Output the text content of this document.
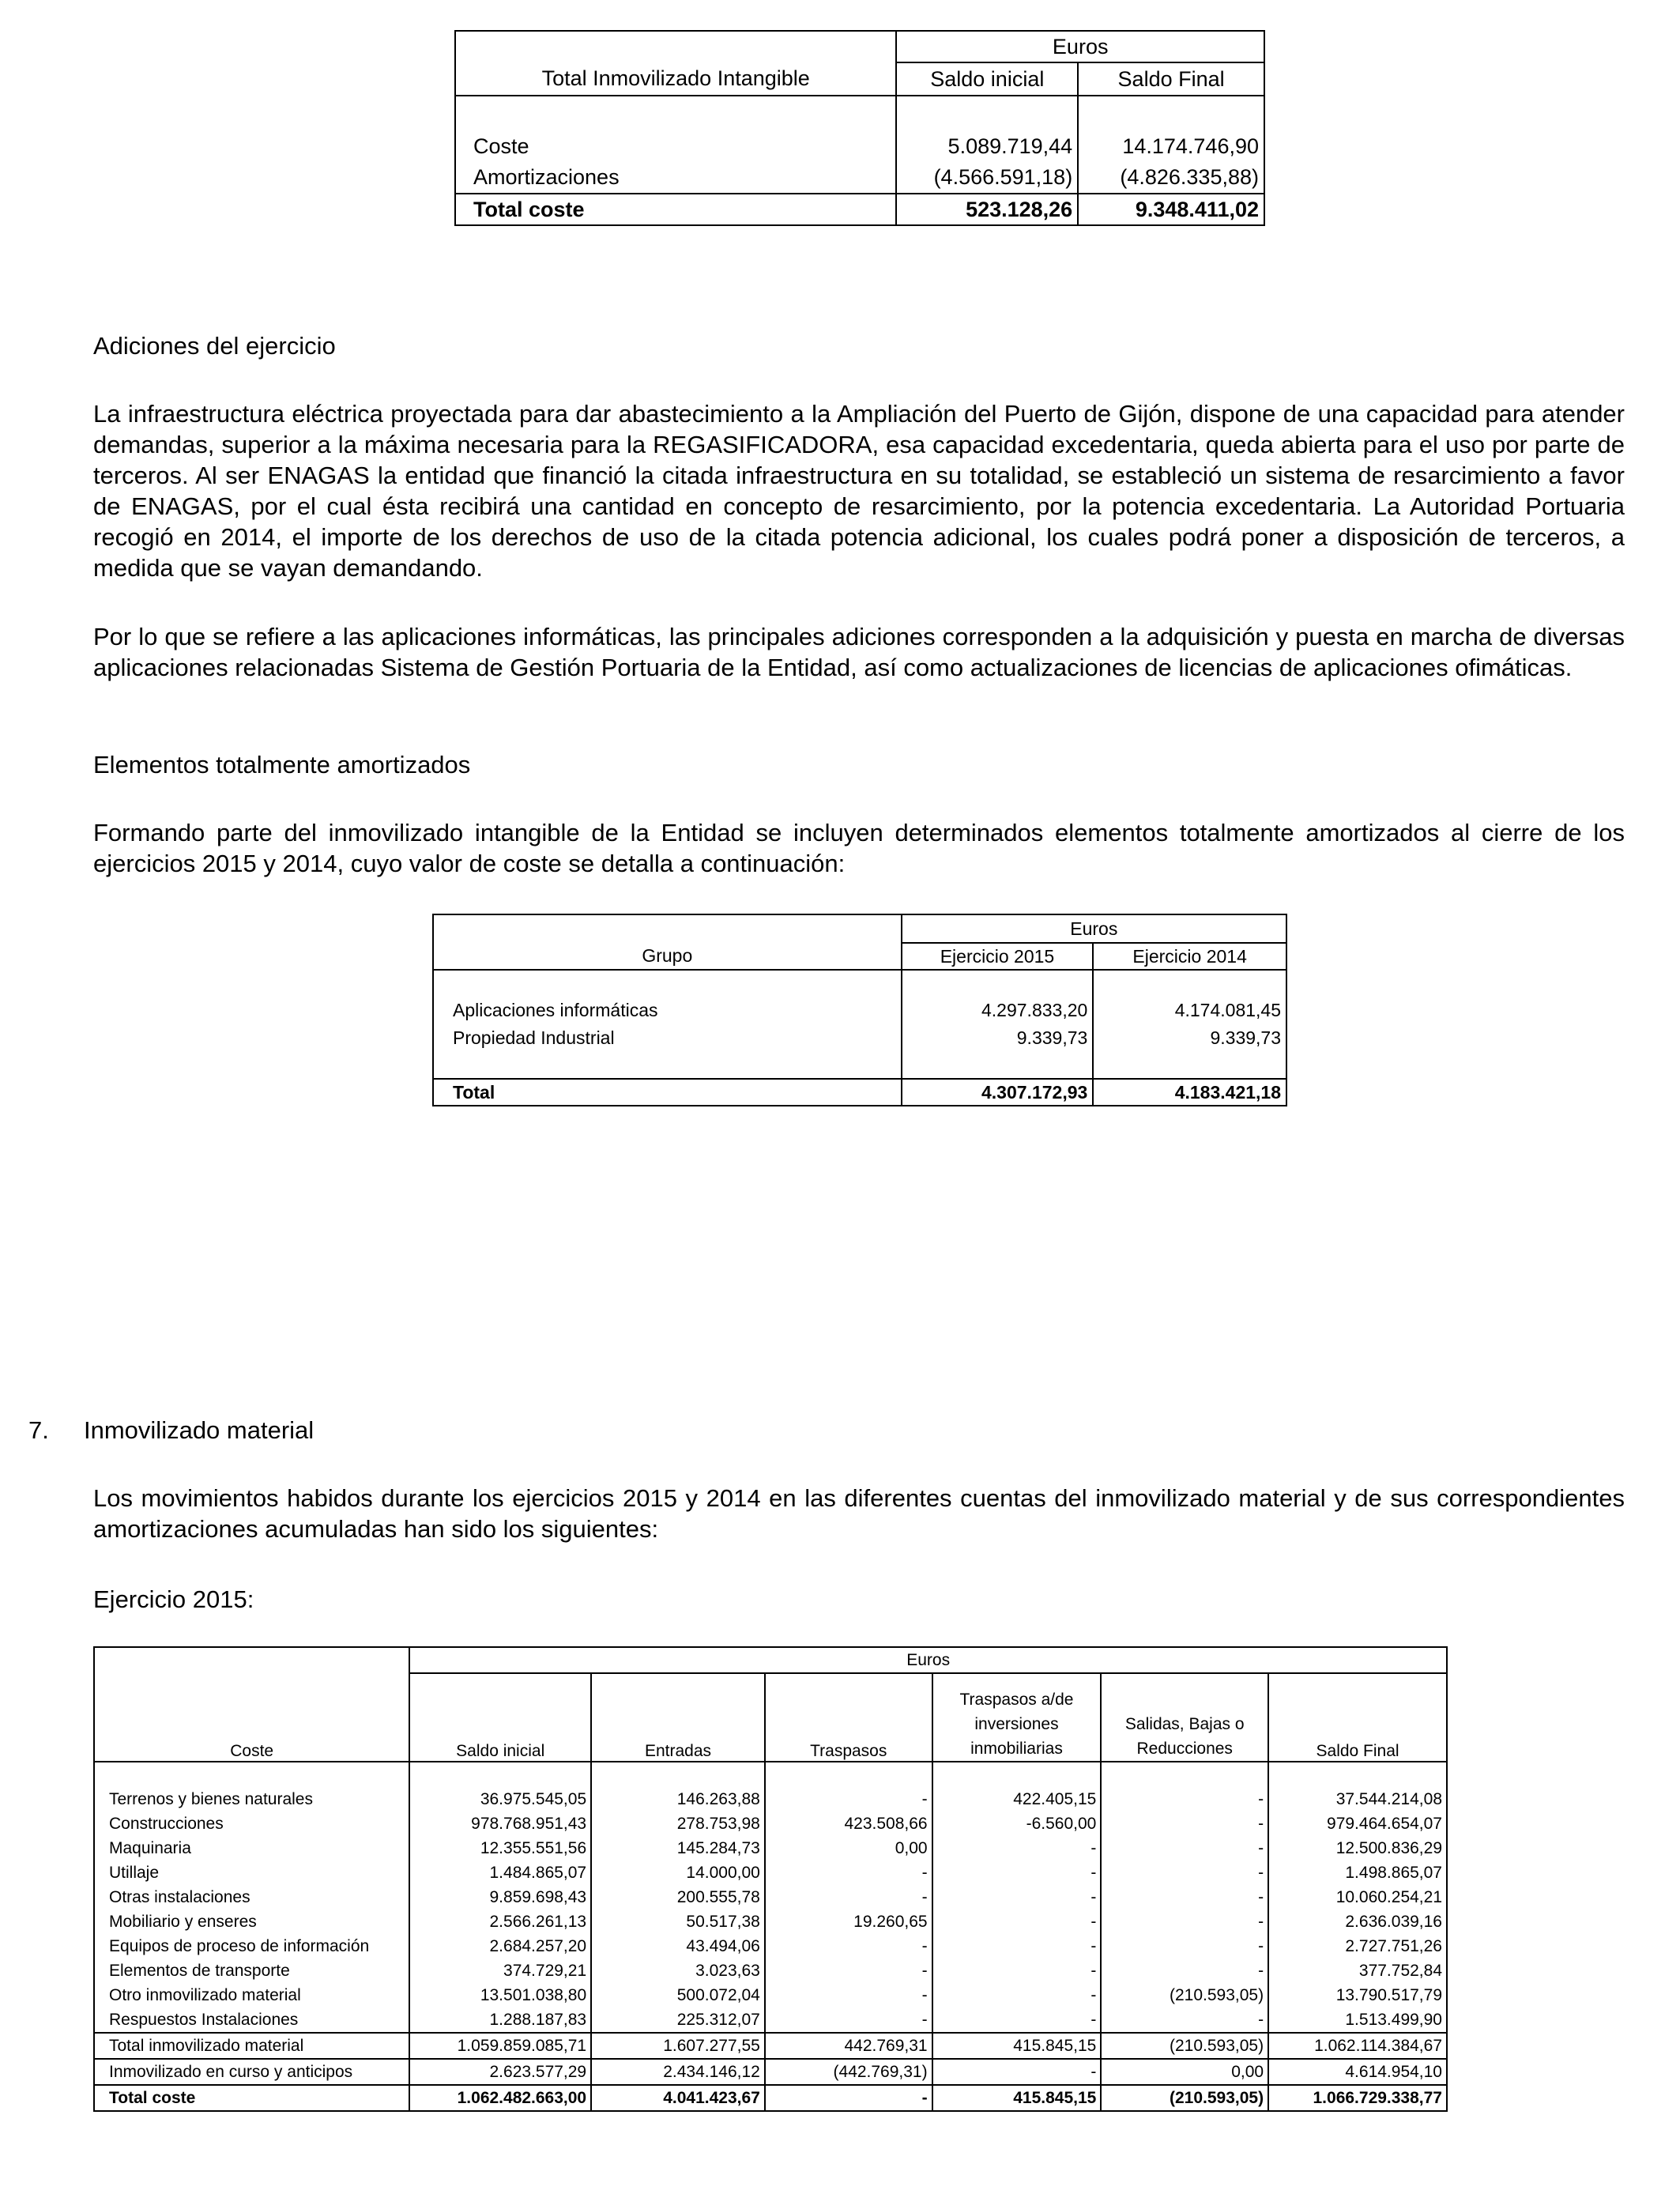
	Euros	
Total Inmovilizado Intangible	Saldo inicial	Saldo Final

Coste	5.089.719,44	14.174.746,90
Amortizaciones	(4.566.591,18)	(4.826.335,88)
Total coste	523.128,26	9.348.411,02

Adiciones del ejercicio

La infraestructura eléctrica proyectada para dar abastecimiento a la Ampliación del Puerto de Gijón, dispone de una capacidad para atender demandas, superior a la máxima necesaria para la REGASIFICADORA, esa capacidad excedentaria, queda abierta para el uso por parte de terceros. Al ser ENAGAS la entidad que financió la citada infraestructura en su totalidad, se estableció un sistema de resarcimiento a favor de ENAGAS, por el cual ésta recibirá una cantidad en concepto de resarcimiento, por la potencia excedentaria. La Autoridad Portuaria recogió en 2014, el importe de los derechos de uso de la citada potencia adicional, los cuales podrá poner a disposición de terceros, a medida que se vayan demandando.

Por lo que se refiere a las aplicaciones informáticas, las principales adiciones corresponden a la adquisición y puesta en marcha de diversas aplicaciones relacionadas Sistema de Gestión Portuaria de la Entidad, así como actualizaciones de licencias de aplicaciones ofimáticas.

Elementos totalmente amortizados

Formando parte del inmovilizado intangible de la Entidad se incluyen determinados elementos totalmente amortizados al cierre de los ejercicios 2015 y 2014, cuyo valor de coste se detalla a continuación:

	Euros	
Grupo	Ejercicio 2015	Ejercicio 2014

Aplicaciones informáticas	4.297.833,20	4.174.081,45
Propiedad Industrial	9.339,73	9.339,73

Total	4.307.172,93	4.183.421,18

7. Inmovilizado material

Los movimientos habidos durante los ejercicios 2015 y 2014 en las diferentes cuentas del inmovilizado material y de sus correspondientes amortizaciones acumuladas han sido los siguientes:

Ejercicio 2015:

	Euros					
Coste	Saldo inicial	Entradas	Traspasos	Traspasos a/de inversiones inmobiliarias	Salidas, Bajas o Reducciones	Saldo Final

Terrenos y bienes naturales	36.975.545,05	146.263,88	-	422.405,15	-	37.544.214,08
Construcciones	978.768.951,43	278.753,98	423.508,66	-6.560,00	-	979.464.654,07
Maquinaria	12.355.551,56	145.284,73	0,00	-	-	12.500.836,29
Utillaje	1.484.865,07	14.000,00	-	-	-	1.498.865,07
Otras instalaciones	9.859.698,43	200.555,78	-	-	-	10.060.254,21
Mobiliario y enseres	2.566.261,13	50.517,38	19.260,65	-	-	2.636.039,16
Equipos de proceso de información	2.684.257,20	43.494,06	-	-	-	2.727.751,26
Elementos de transporte	374.729,21	3.023,63	-	-	-	377.752,84
Otro inmovilizado material	13.501.038,80	500.072,04	-	-	(210.593,05)	13.790.517,79
Respuestos Instalaciones	1.288.187,83	225.312,07	-	-	-	1.513.499,90
Total inmovilizado material	1.059.859.085,71	1.607.277,55	442.769,31	415.845,15	(210.593,05)	1.062.114.384,67
Inmovilizado en curso y anticipos	2.623.577,29	2.434.146,12	(442.769,31)	-	0,00	4.614.954,10
Total coste	1.062.482.663,00	4.041.423,67	-	415.845,15	(210.593,05)	1.066.729.338,77
